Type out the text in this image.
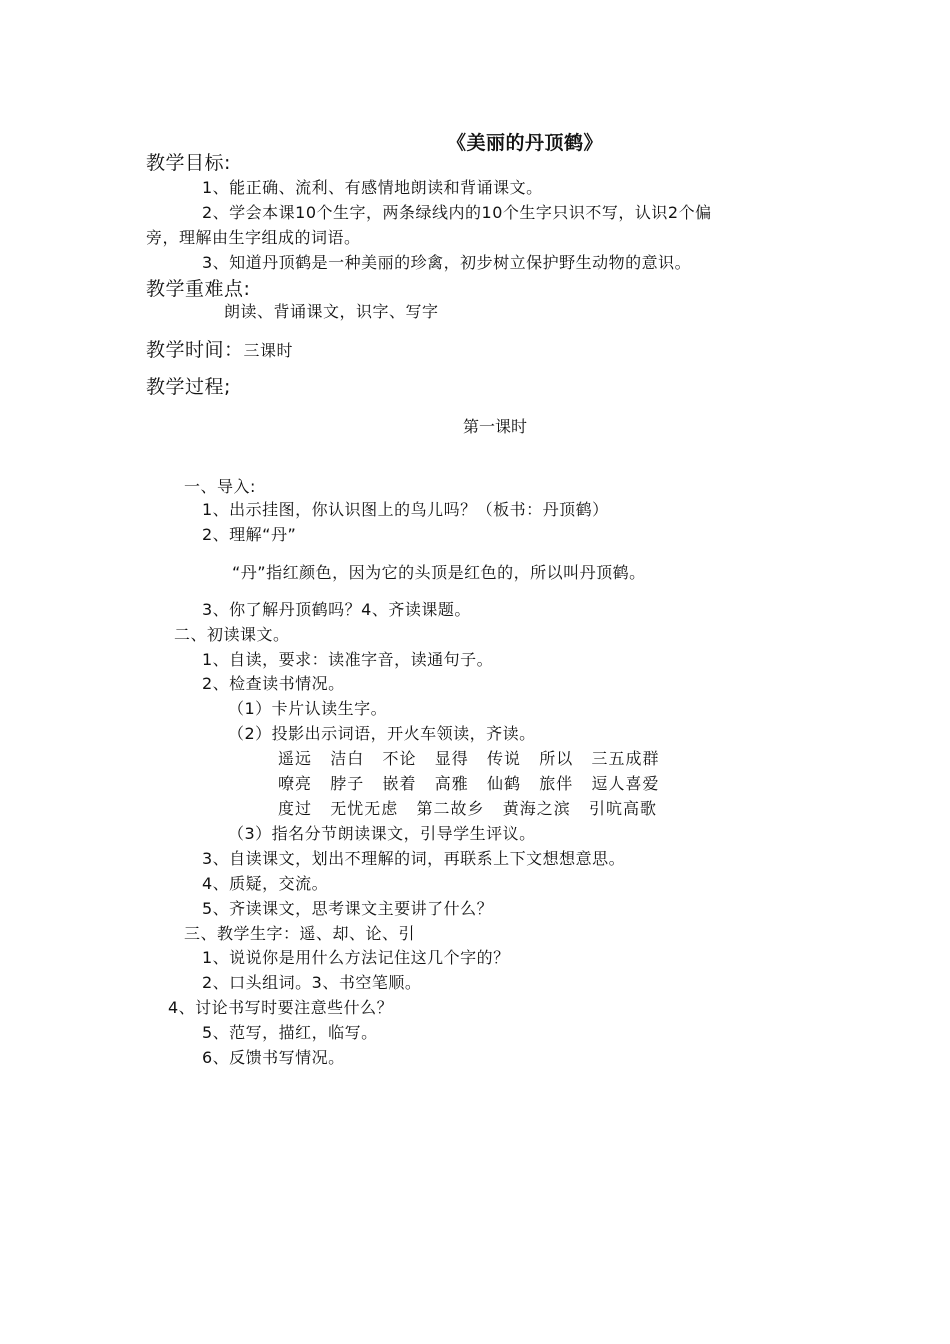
《美丽的丹顶鹤》
教学目标:
1、能正确、流利、有感情地朗读和背诵课文。
2、学会本课10个生字，两条绿线内的10个生字只识不写，认识2个偏
旁，理解由生字组成的词语。
3、知道丹顶鹤是一种美丽的珍禽，初步树立保护野生动物的意识。
教学重难点:
朗读、背诵课文，识字、写字
教学时间：三课时
教学过程;
第一课时
一、导入:
1、出示挂图，你认识图上的鸟儿吗？（板书：丹顶鹤）
2、理解“丹”
“丹”指红颜色，因为它的头顶是红色的，所以叫丹顶鹤。
3、你了解丹顶鹤吗？4、齐读课题。
二、初读课文。
1、自读，要求：读准字音，读通句子。
2、检查读书情况。
（1）卡片认读生字。
（2）投影出示词语，开火车领读，齐读。
遥远   洁白   不论   显得   传说   所以   三五成群
嘹亮   脖子   嵌着   高雅   仙鹤   旅伴   逗人喜爱
度过   无忧无虑   第二故乡   黄海之滨   引吭高歌
（3）指名分节朗读课文，引导学生评议。
3、自读课文，划出不理解的词，再联系上下文想想意思。
4、质疑，交流。
5、齐读课文，思考课文主要讲了什么？
三、教学生字：遥、却、论、引
1、说说你是用什么方法记住这几个字的？
2、口头组词。3、书空笔顺。
4、讨论书写时要注意些什么？
5、范写，描红，临写。
6、反馈书写情况。
